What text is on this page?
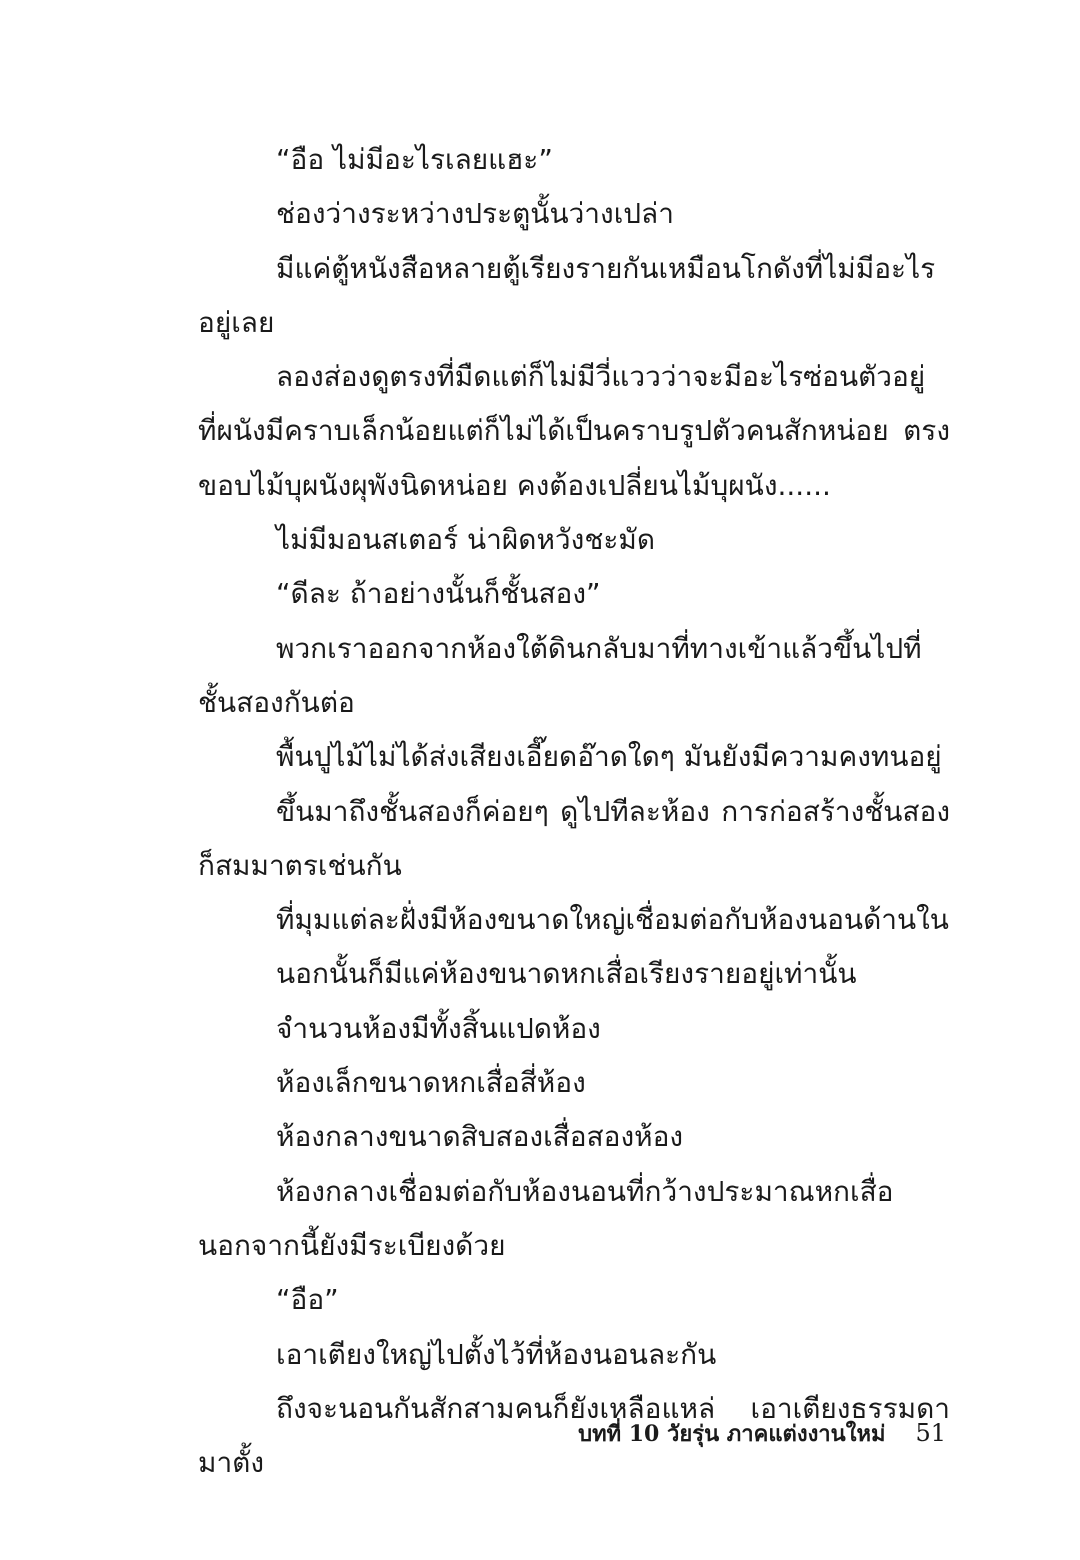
“อือ ไม่มีอะไรเลยแฮะ”

ช่องว่างระหว่างประตูนั้นว่างเปล่า

มีแค่ตู้หนังสือหลายตู้เรียงรายกันเหมือนโกดังที่ไม่มีอะไรอยู่เลย

ลองส่องดูตรงที่มืดแต่ก็ไม่มีวี่แววว่าจะมีอะไรซ่อนตัวอยู่ ที่ผนังมีคราบเล็กน้อยแต่ก็ไม่ได้เป็นคราบรูปตัวคนสักหน่อย ตรงขอบไม้บุผนังผุพังนิดหน่อย คงต้องเปลี่ยนไม้บุผนัง......

ไม่มีมอนสเตอร์ น่าผิดหวังชะมัด

“ดีละ ถ้าอย่างนั้นก็ชั้นสอง”

พวกเราออกจากห้องใต้ดินกลับมาที่ทางเข้าแล้วขึ้นไปที่ชั้นสองกันต่อ

พื้นปูไม้ไม่ได้ส่งเสียงเอี๊ยดอ๊าดใดๆ มันยังมีความคงทนอยู่

ขึ้นมาถึงชั้นสองก็ค่อยๆ ดูไปทีละห้อง การก่อสร้างชั้นสองก็สมมาตรเช่นกัน

ที่มุมแต่ละฝั่งมีห้องขนาดใหญ่เชื่อมต่อกับห้องนอนด้านใน

นอกนั้นก็มีแค่ห้องขนาดหกเสื่อเรียงรายอยู่เท่านั้น

จำนวนห้องมีทั้งสิ้นแปดห้อง

ห้องเล็กขนาดหกเสื่อสี่ห้อง

ห้องกลางขนาดสิบสองเสื่อสองห้อง

ห้องกลางเชื่อมต่อกับห้องนอนที่กว้างประมาณหกเสื่อ นอกจากนี้ยังมีระเบียงด้วย

“อือ”

เอาเตียงใหญ่ไปตั้งไว้ที่ห้องนอนละกัน

ถึงจะนอนกันสักสามคนก็ยังเหลือแหล่ เอาเตียงธรรมดามาตั้ง

บทที่ 10 วัยรุ่น ภาคแต่งงานใหม่ 51
